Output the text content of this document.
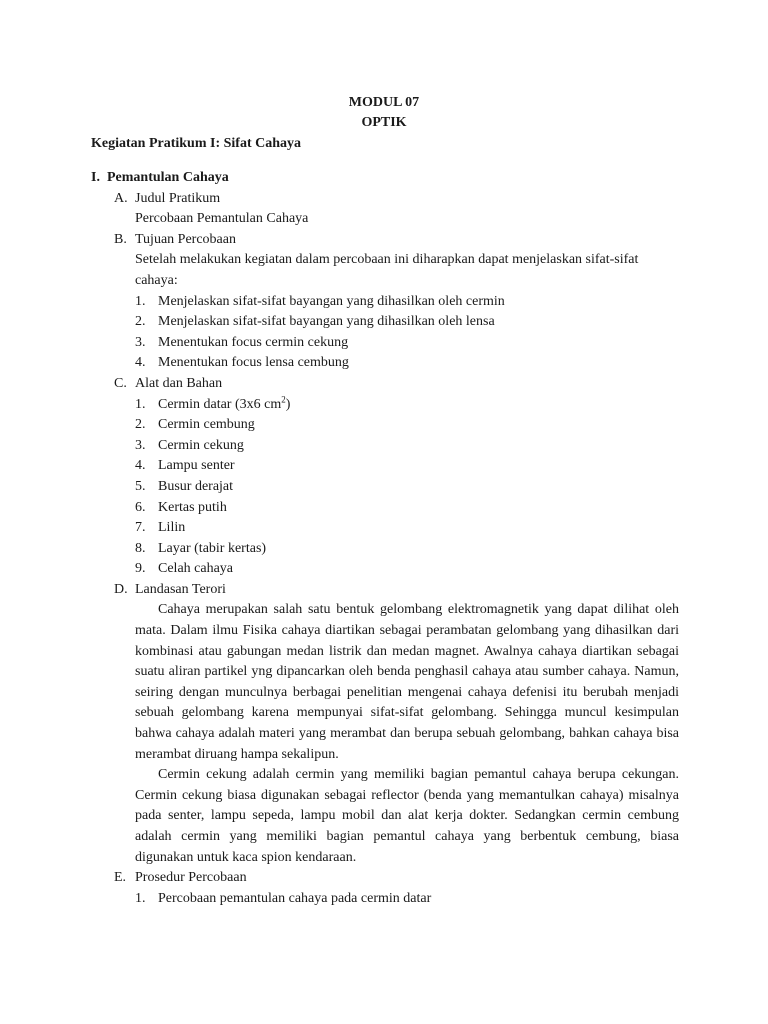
MODUL 07
OPTIK
Kegiatan Pratikum I: Sifat Cahaya
I. Pemantulan Cahaya
A. Judul Pratikum
Percobaan Pemantulan Cahaya
B. Tujuan Percobaan
Setelah melakukan kegiatan dalam percobaan ini diharapkan dapat menjelaskan sifat-sifat cahaya:
1. Menjelaskan sifat-sifat bayangan yang dihasilkan oleh cermin
2. Menjelaskan sifat-sifat bayangan yang dihasilkan oleh lensa
3. Menentukan focus cermin cekung
4. Menentukan focus lensa cembung
C. Alat dan Bahan
1. Cermin datar (3x6 $cm^2$)
2. Cermin cembung
3. Cermin cekung
4. Lampu senter
5. Busur derajat
6. Kertas putih
7. Lilin
8. Layar (tabir kertas)
9. Celah cahaya
D. Landasan Terori
Cahaya merupakan salah satu bentuk gelombang elektromagnetik yang dapat dilihat oleh mata. Dalam ilmu Fisika cahaya diartikan sebagai perambatan gelombang yang dihasilkan dari kombinasi atau gabungan medan listrik dan medan magnet. Awalnya cahaya diartikan sebagai suatu aliran partikel yng dipancarkan oleh benda penghasil cahaya atau sumber cahaya. Namun, seiring dengan munculnya berbagai penelitian mengenai cahaya defenisi itu berubah menjadi sebuah gelombang karena mempunyai sifat-sifat gelombang. Sehingga muncul kesimpulan bahwa cahaya adalah materi yang merambat dan berupa sebuah gelombang, bahkan cahaya bisa merambat diruang hampa sekalipun.
Cermin cekung adalah cermin yang memiliki bagian pemantul cahaya berupa cekungan. Cermin cekung biasa digunakan sebagai reflector (benda yang memantulkan cahaya) misalnya pada senter, lampu sepeda, lampu mobil dan alat kerja dokter. Sedangkan cermin cembung adalah cermin yang memiliki bagian pemantul cahaya yang berbentuk cembung, biasa digunakan untuk kaca spion kendaraan.
E. Prosedur Percobaan
1. Percobaan pemantulan cahaya pada cermin datar
